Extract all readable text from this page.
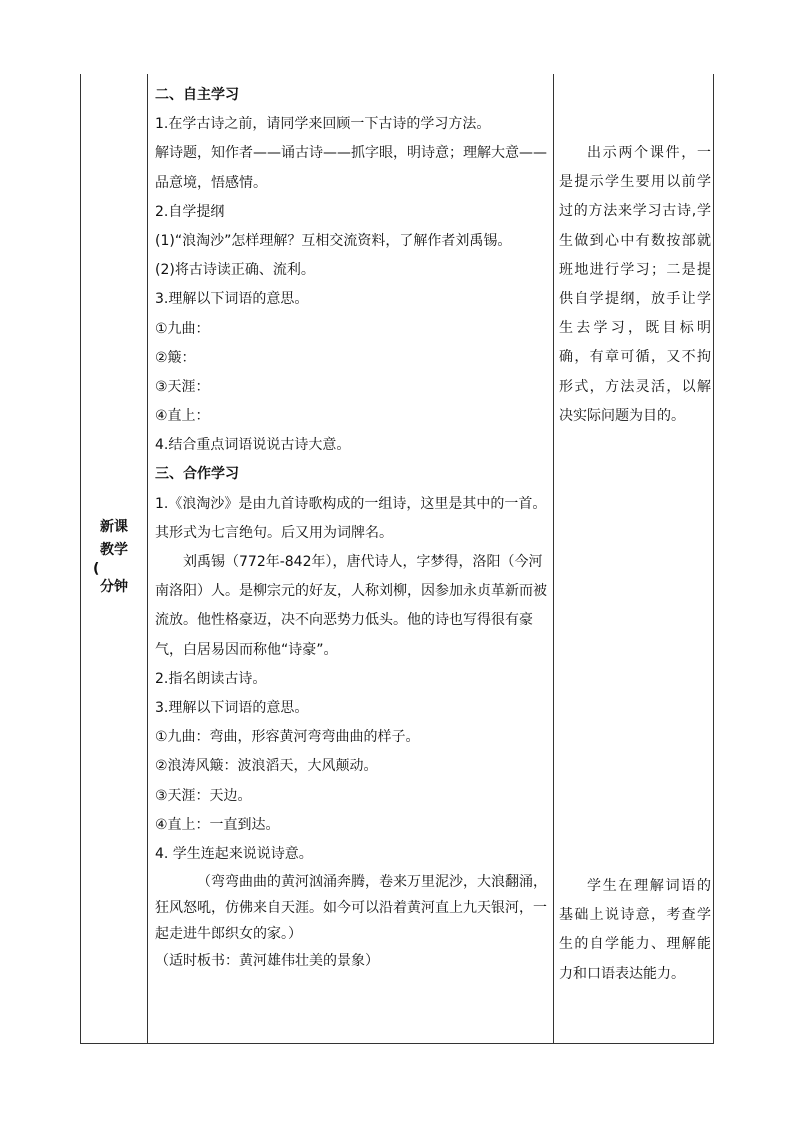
新课
教学
(
分钟
二、自主学习
1.在学古诗之前，请同学来回顾一下古诗的学习方法。
解诗题，知作者——诵古诗——抓字眼，明诗意；理解大意——品意境，悟感情。
2.自学提纲
(1)“浪淘沙”怎样理解？互相交流资料，了解作者刘禹锡。
(2)将古诗读正确、流利。
3.理解以下词语的意思。
①九曲：
②簸：
③天涯：
④直上：
4.结合重点词语说说古诗大意。
三、合作学习
1.《浪淘沙》是由九首诗歌构成的一组诗，这里是其中的一首。其形式为七言绝句。后又用为词牌名。
刘禹锡（772年-842年），唐代诗人，字梦得，洛阳（今河南洛阳）人。是柳宗元的好友，人称刘柳，因参加永贞革新而被流放。他性格豪迈，决不向恶势力低头。他的诗也写得很有豪气，白居易因而称他“诗豪”。
2.指名朗读古诗。
3.理解以下词语的意思。
①九曲：弯曲，形容黄河弯弯曲曲的样子。
②浪涛风簸：波浪滔天，大风颠动。
③天涯：天边。
④直上：一直到达。
4. 学生连起来说说诗意。
（弯弯曲曲的黄河汹涌奔腾，卷来万里泥沙，大浪翻涌，狂风怒吼，仿佛来自天涯。如今可以沿着黄河直上九天银河，一起走进牛郎织女的家。）
（适时板书：黄河雄伟壮美的景象）
出示两个课件，一是提示学生要用以前学过的方法来学习古诗,学生做到心中有数按部就班地进行学习；二是提供自学提纲，放手让学生去学习，既目标明确，有章可循，又不拘形式，方法灵活，以解决实际问题为目的。
学生在理解词语的基础上说诗意，考查学生的自学能力、理解能力和口语表达能力。
